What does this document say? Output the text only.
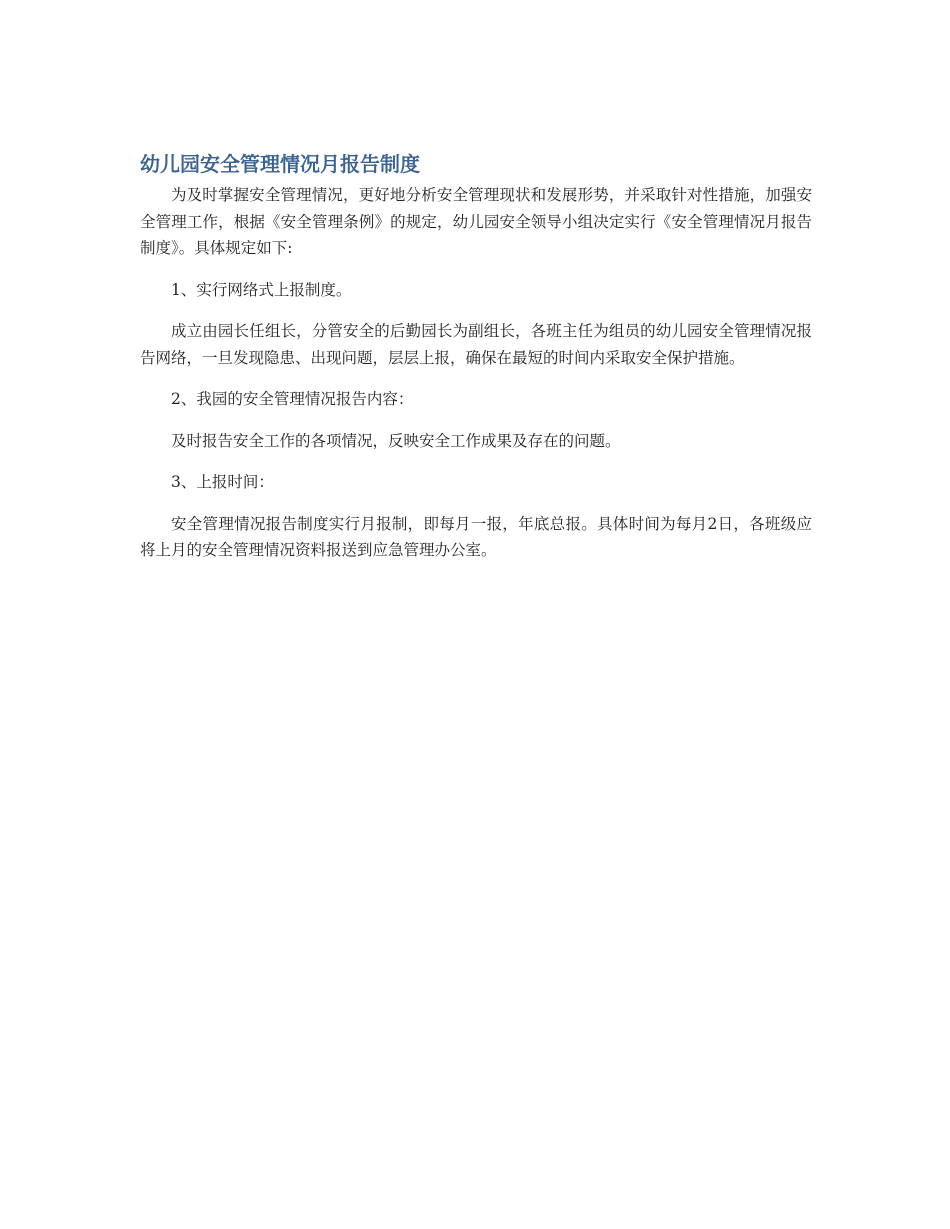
幼儿园安全管理情况月报告制度

为及时掌握安全管理情况，更好地分析安全管理现状和发展形势，并采取针对性措施，加强安全管理工作，根据《安全管理条例》的规定，幼儿园安全领导小组决定实行《安全管理情况月报告制度》。具体规定如下:

1、实行网络式上报制度。

成立由园长任组长，分管安全的后勤园长为副组长，各班主任为组员的幼儿园安全管理情况报告网络，一旦发现隐患、出现问题，层层上报，确保在最短的时间内采取安全保护措施。

2、我园的安全管理情况报告内容：

及时报告安全工作的各项情况，反映安全工作成果及存在的问题。

3、上报时间：

安全管理情况报告制度实行月报制，即每月一报，年底总报。具体时间为每月2日，各班级应将上月的安全管理情况资料报送到应急管理办公室。
